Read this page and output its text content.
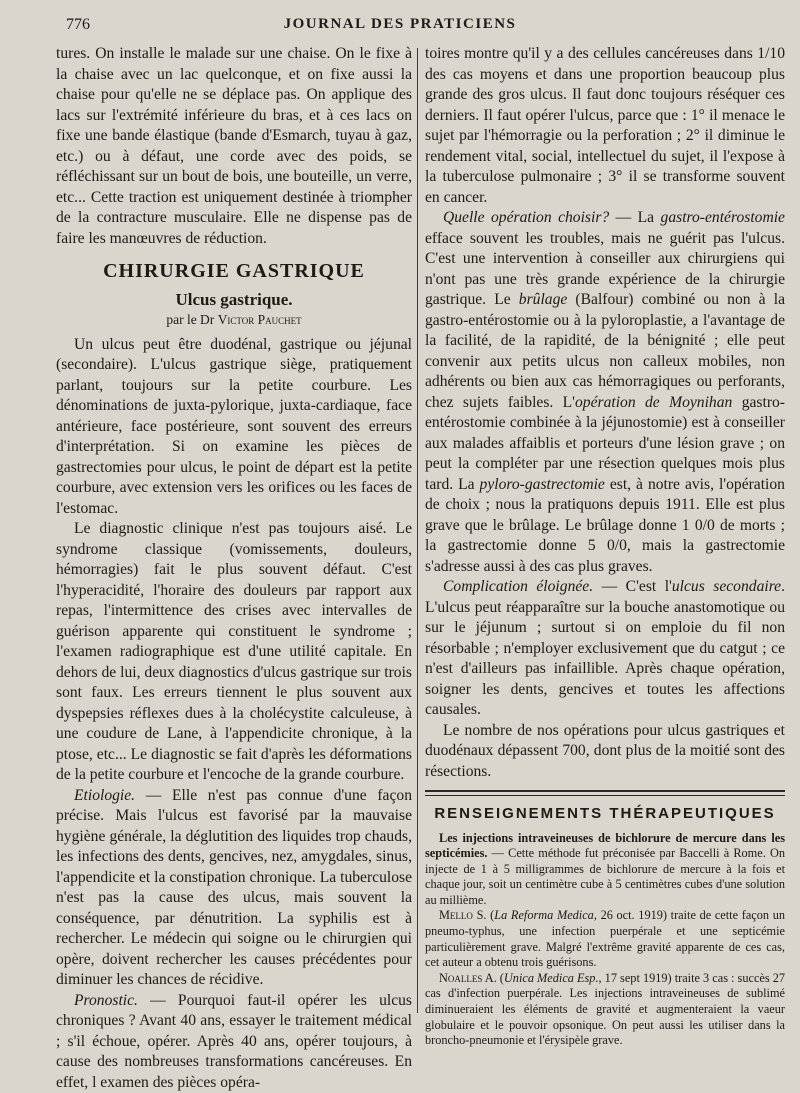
776	JOURNAL DES PRATICIENS

tures. On installe le malade sur une chaise. On le fixe à la chaise avec un lac quelconque, et on fixe aussi la chaise pour qu'elle ne se déplace pas. On applique des lacs sur l'extrémité inférieure du bras, et à ces lacs on fixe une bande élastique (bande d'Esmarch, tuyau à gaz, etc.) ou à défaut, une corde avec des poids, se réfléchissant sur un bout de bois, une bouteille, un verre, etc... Cette traction est uniquement destinée à triompher de la contracture musculaire. Elle ne dispense pas de faire les manœuvres de réduction.

CHIRURGIE GASTRIQUE
Ulcus gastrique.
par le Dr Victor Pauchet

Un ulcus peut être duodénal, gastrique ou jéjunal (secondaire). L'ulcus gastrique siège, pratiquement parlant, toujours sur la petite courbure. Les dénominations de juxta-pylorique, juxta-cardiaque, face antérieure, face postérieure, sont souvent des erreurs d'interprétation. Si on examine les pièces de gastrectomies pour ulcus, le point de départ est la petite courbure, avec extension vers les orifices ou les faces de l'estomac.

Le diagnostic clinique n'est pas toujours aisé. Le syndrome classique (vomissements, douleurs, hémorragies) fait le plus souvent défaut. C'est l'hyperacidité, l'horaire des douleurs par rapport aux repas, l'intermittence des crises avec intervalles de guérison apparente qui constituent le syndrome ; l'examen radiographique est d'une utilité capitale. En dehors de lui, deux diagnostics d'ulcus gastrique sur trois sont faux. Les erreurs tiennent le plus souvent aux dyspepsies réflexes dues à la cholécystite calculeuse, à une coudure de Lane, à l'appendicite chronique, à la ptose, etc... Le diagnostic se fait d'après les déformations de la petite courbure et l'encoche de la grande courbure.

Etiologie. — Elle n'est pas connue d'une façon précise. Mais l'ulcus est favorisé par la mauvaise hygiène générale, la déglutition des liquides trop chauds, les infections des dents, gencives, nez, amygdales, sinus, l'appendicite et la constipation chronique. La tuberculose n'est pas la cause des ulcus, mais souvent la conséquence, par dénutrition. La syphilis est à rechercher. Le médecin qui soigne ou le chirurgien qui opère, doivent rechercher les causes précédentes pour diminuer les chances de récidive.

Pronostic. — Pourquoi faut-il opérer les ulcus chroniques ? Avant 40 ans, essayer le traitement médical ; s'il échoue, opérer. Après 40 ans, opérer toujours, à cause des nombreuses transformations cancéreuses. En effet, l examen des pièces opéra-

toires montre qu'il y a des cellules cancéreuses dans 1/10 des cas moyens et dans une proportion beaucoup plus grande des gros ulcus. Il faut donc toujours réséquer ces derniers. Il faut opérer l'ulcus, parce que : 1° il menace le sujet par l'hémorragie ou la perforation ; 2° il diminue le rendement vital, social, intellectuel du sujet, il l'expose à la tuberculose pulmonaire ; 3° il se transforme souvent en cancer.

Quelle opération choisir? — La gastro-entérostomie efface souvent les troubles, mais ne guérit pas l'ulcus. C'est une intervention à conseiller aux chirurgiens qui n'ont pas une très grande expérience de la chirurgie gastrique. Le brûlage (Balfour) combiné ou non à la gastro-entérostomie ou à la pyloroplastie, a l'avantage de la facilité, de la rapidité, de la bénignité ; elle peut convenir aux petits ulcus non calleux mobiles, non adhérents ou bien aux cas hémorragiques ou perforants, chez sujets faibles. L'opération de Moynihan gastro-entérostomie combinée à la jéjunostomie) est à conseiller aux malades affaiblis et porteurs d'une lésion grave ; on peut la compléter par une résection quelques mois plus tard. La pyloro-gastrectomie est, à notre avis, l'opération de choix ; nous la pratiquons depuis 1911. Elle est plus grave que le brûlage. Le brûlage donne 1 0/0 de morts ; la gastrectomie donne 5 0/0, mais la gastrectomie s'adresse aussi à des cas plus graves.

Complication éloignée. — C'est l'ulcus secondaire. L'ulcus peut réapparaître sur la bouche anastomotique ou sur le jéjunum ; surtout si on emploie du fil non résorbable ; n'employer exclusivement que du catgut ; ce n'est d'ailleurs pas infaillible. Après chaque opération, soigner les dents, gencives et toutes les affections causales.

Le nombre de nos opérations pour ulcus gastriques et duodénaux dépassent 700, dont plus de la moitié sont des résections.

RENSEIGNEMENTS THÉRAPEUTIQUES

Les injections intraveineuses de bichlorure de mercure dans les septicémies. — Cette méthode fut préconisée par Baccelli à Rome. On injecte de 1 à 5 milligrammes de bichlorure de mercure à la fois et chaque jour, soit un centimètre cube à 5 centimètres cubes d'une solution au millième.

Mello S. (La Reforma Medica, 26 oct. 1919) traite de cette façon un pneumo-typhus, une infection puerpérale et une septicémie particulièrement grave. Malgré l'extrême gravité apparente de ces cas, cet auteur a obtenu trois guérisons.

Noalles A. (Unica Medica Esp., 17 sept 1919) traite 3 cas : succès 27 cas d'infection puerpérale. Les injections intraveineuses de sublimé diminueraient les éléments de gravité et augmenteraient la vaeur globulaire et le pouvoir opsonique. On peut aussi les utiliser dans la broncho-pneumonie et l'érysipèle grave.
